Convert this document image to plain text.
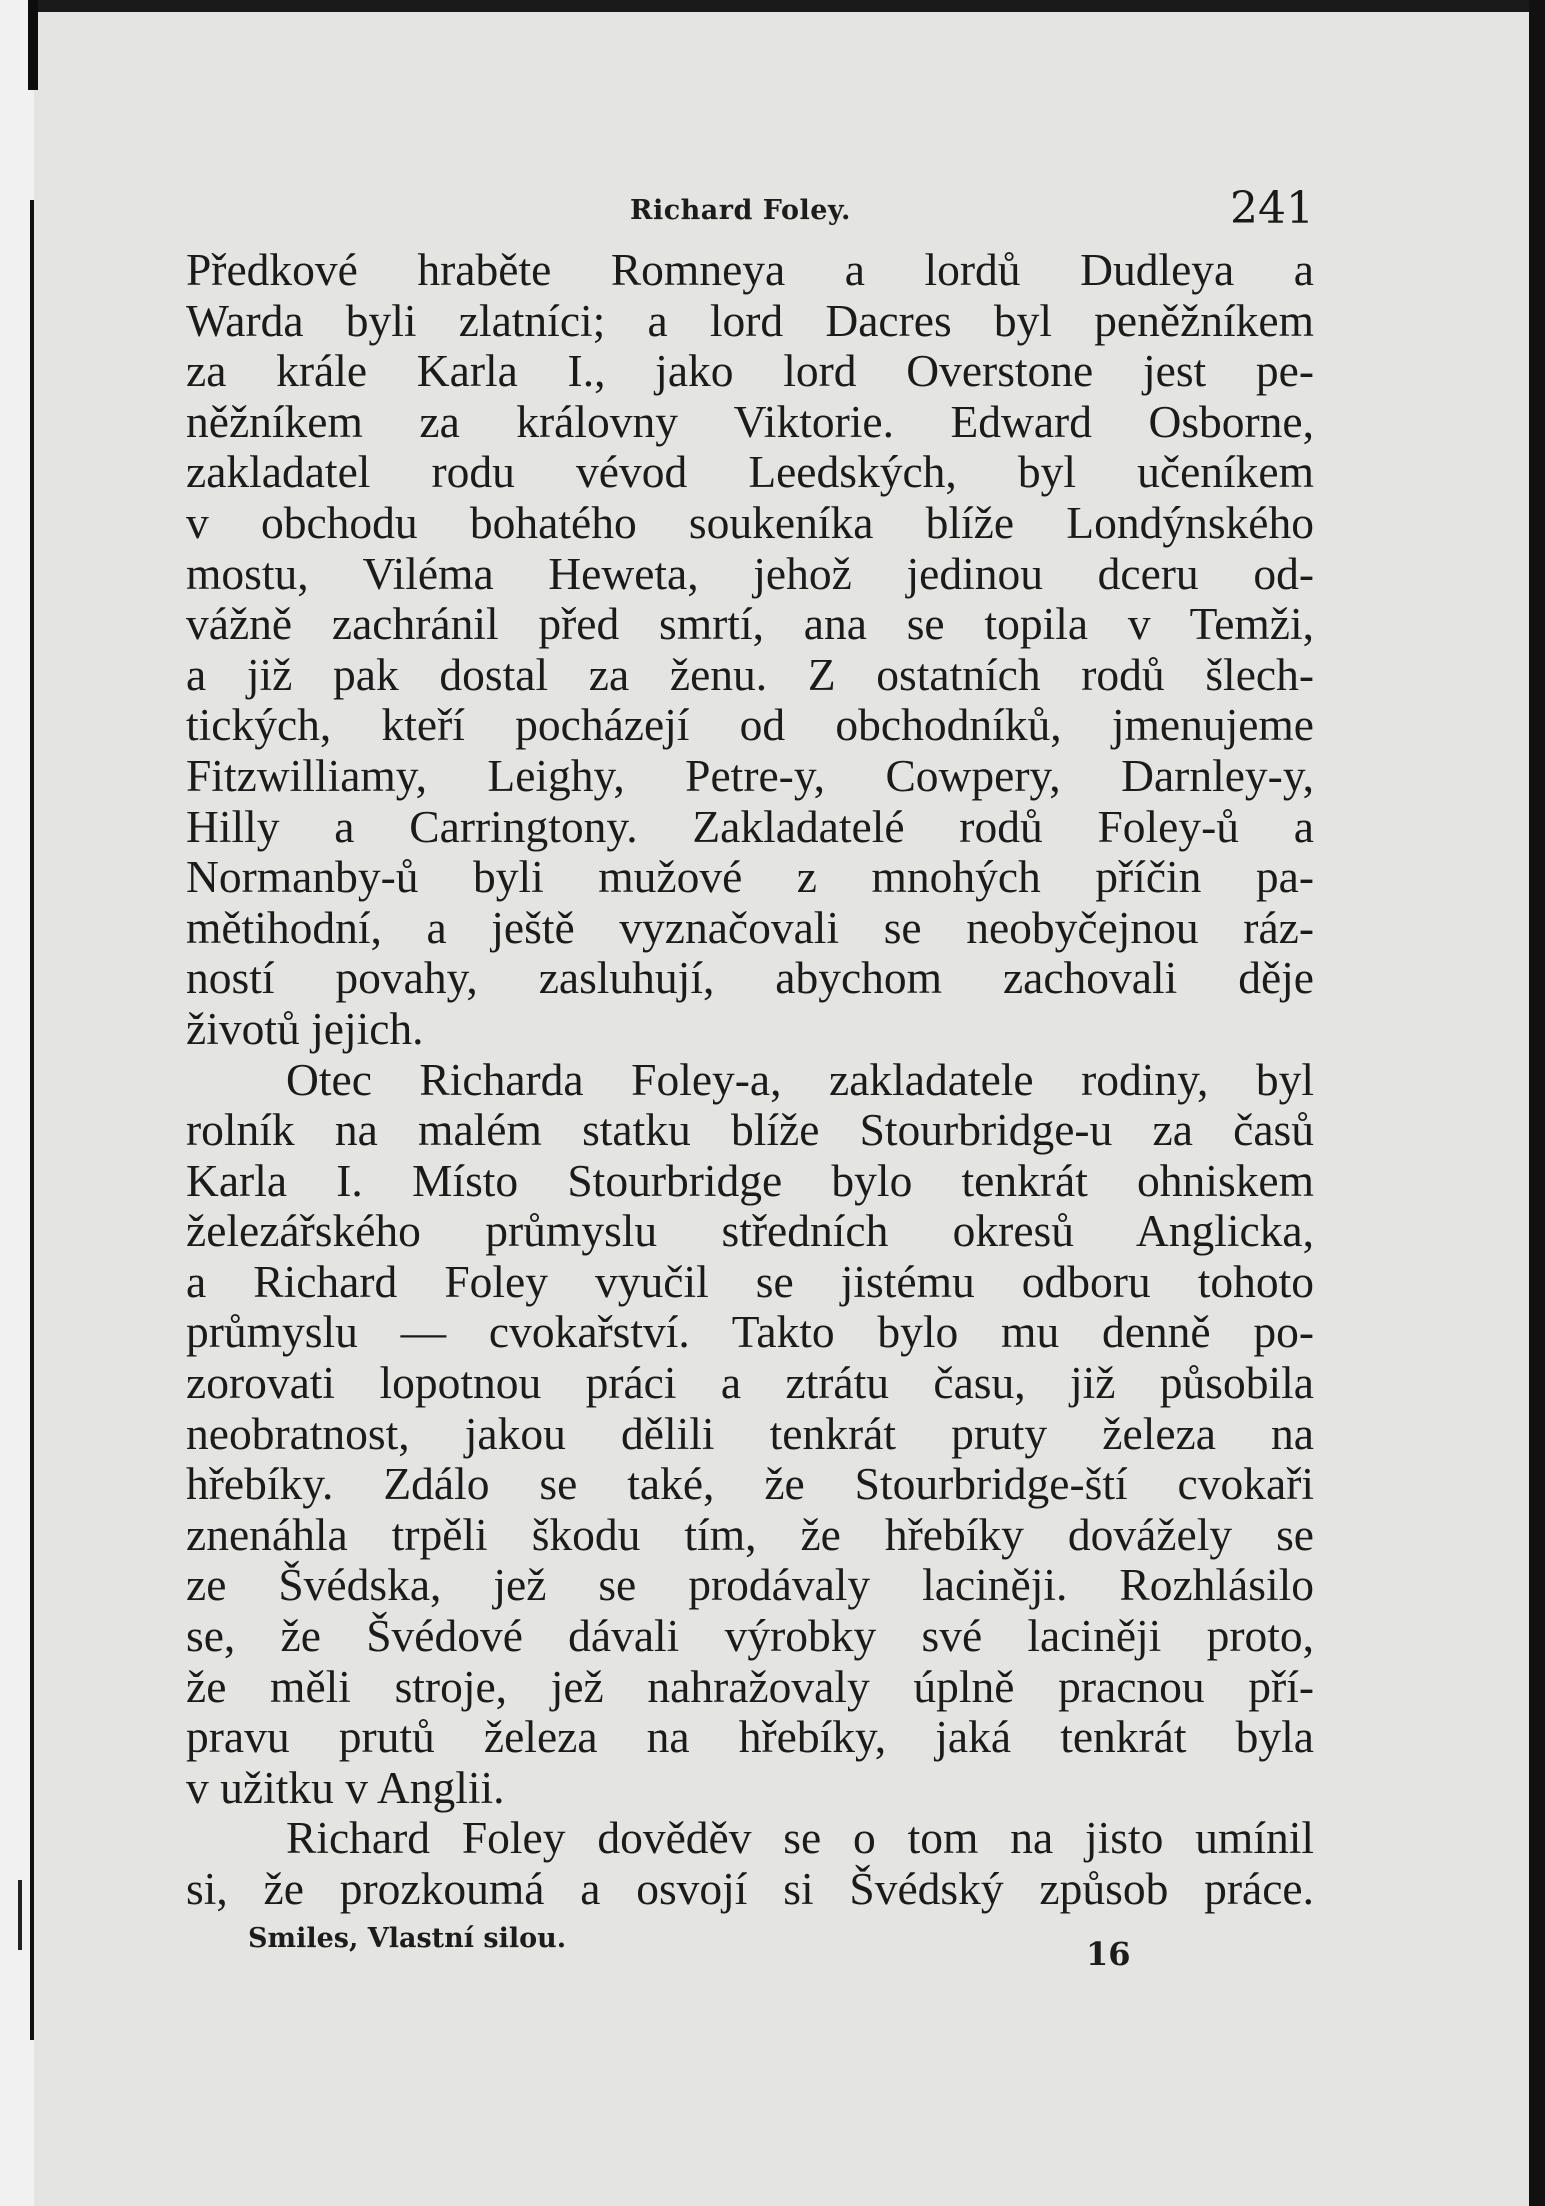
Richard Foley.	241
Předkové hraběte Romneya a lordů Dudleya a
Warda byli zlatníci; a lord Dacres byl peněžníkem
za krále Karla I., jako lord Overstone jest pe-
něžníkem za královny Viktorie. Edward Osborne,
zakladatel rodu vévod Leedských, byl učeníkem
v obchodu bohatého soukeníka blíže Londýnského
mostu, Viléma Heweta, jehož jedinou dceru od-
vážně zachránil před smrtí, ana se topila v Temži,
a již pak dostal za ženu. Z ostatních rodů šlech-
tických, kteří pocházejí od obchodníků, jmenujeme
Fitzwilliamy, Leighy, Petre-y, Cowpery, Darnley-y,
Hilly a Carringtony. Zakladatelé rodů Foley-ů a
Normanby-ů byli mužové z mnohých příčin pa-
mětihodní, a ještě vyznačovali se neobyčejnou ráz-
ností povahy, zasluhují, abychom zachovali děje
životů jejich.
Otec Richarda Foley-a, zakladatele rodiny, byl
rolník na malém statku blíže Stourbridge-u za časů
Karla I. Místo Stourbridge bylo tenkrát ohniskem
železářského průmyslu středních okresů Anglicka,
a Richard Foley vyučil se jistému odboru tohoto
průmyslu — cvokařství. Takto bylo mu denně po-
zorovati lopotnou práci a ztrátu času, již působila
neobratnost, jakou dělili tenkrát pruty železa na
hřebíky. Zdálo se také, že Stourbridge-ští cvokaři
znenáhla trpěli škodu tím, že hřebíky dovážely se
ze Švédska, jež se prodávaly laciněji. Rozhlásilo
se, že Švédové dávali výrobky své laciněji proto,
že měli stroje, jež nahražovaly úplně pracnou pří-
pravu prutů železa na hřebíky, jaká tenkrát byla
v užitku v Anglii.
Richard Foley dověděv se o tom na jisto umínil
si, že prozkoumá a osvojí si Švédský způsob práce.
Smiles, Vlastní silou.	16
